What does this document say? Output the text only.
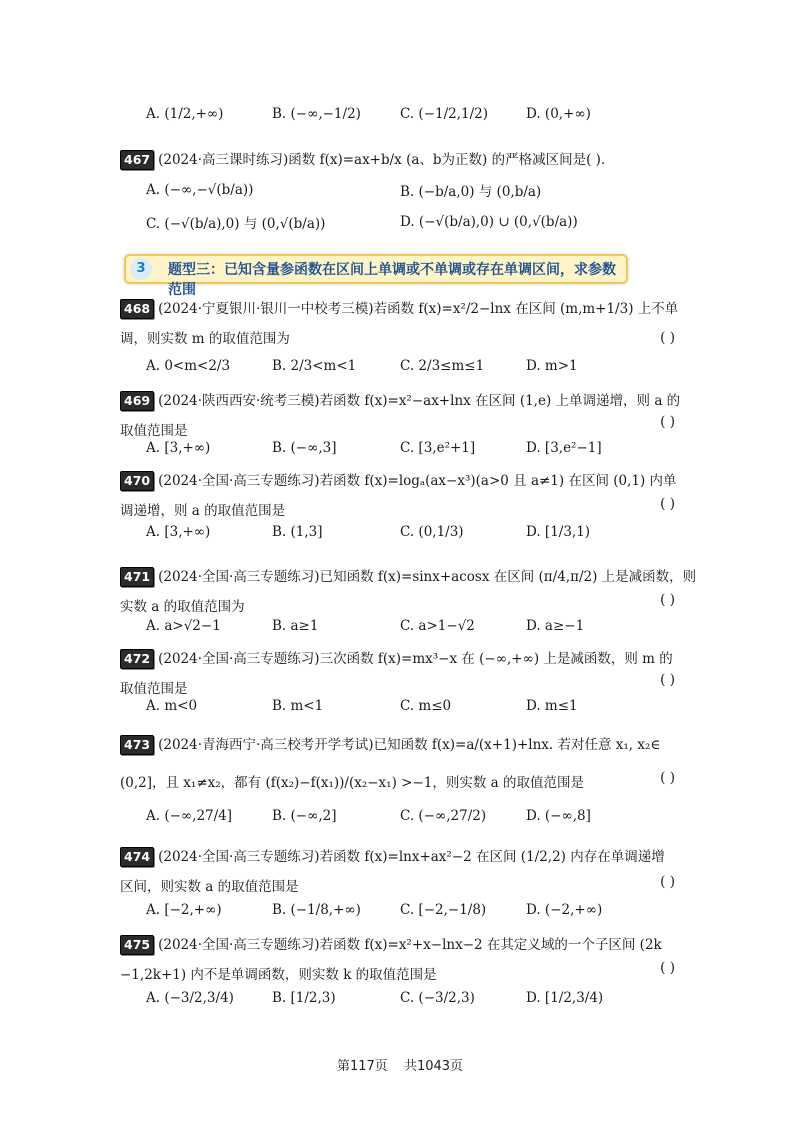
A. (1/2,+∞)	B. (−∞,−1/2)	C. (−1/2,1/2)	D. (0,+∞)
467 (2024·高三课时练习)函数 f(x)=ax+b/x (a、b为正数) 的严格减区间是( ).
A. (−∞,−√(b/a))	B. (−b/a,0) 与 (0,b/a)
C. (−√(b/a),0) 与 (0,√(b/a))	D. (−√(b/a),0) ∪ (0,√(b/a))
3	题型三：已知含量参函数在区间上单调或不单调或存在单调区间，求参数范围
468 (2024·宁夏银川·银川一中校考三模)若函数 f(x)=x²/2−lnx 在区间 (m,m+1/3) 上不单
调，则实数 m 的取值范围为	( )
A. 0<m<2/3	B. 2/3<m<1	C. 2/3≤m≤1	D. m>1
469 (2024·陕西西安·统考三模)若函数 f(x)=x²−ax+lnx 在区间 (1,e) 上单调递增，则 a 的
取值范围是
( )
A. [3,+∞)	B. (−∞,3]	C. [3,e²+1]	D. [3,e²−1]
470 (2024·全国·高三专题练习)若函数 f(x)=logₐ(ax−x³)(a>0 且 a≠1) 在区间 (0,1) 内单
调递增，则 a 的取值范围是	( )
A. [3,+∞)	B. (1,3]	C. (0,1/3)	D. [1/3,1)
471 (2024·全国·高三专题练习)已知函数 f(x)=sinx+acosx 在区间 (π/4,π/2) 上是减函数，则
实数 a 的取值范围为	( )
A. a>√2−1	B. a≥1	C. a>1−√2	D. a≥−1
472 (2024·全国·高三专题练习)三次函数 f(x)=mx³−x 在 (−∞,+∞) 上是减函数，则 m 的
取值范围是
( )
A. m<0	B. m<1	C. m≤0	D. m≤1
473 (2024·青海西宁·高三校考开学考试)已知函数 f(x)=a/(x+1)+lnx. 若对任意 x₁, x₂∈
(0,2]，且 x₁≠x₂，都有 (f(x₂)−f(x₁))/(x₂−x₁) >−1，则实数 a 的取值范围是	( )
A. (−∞,27/4]	B. (−∞,2]	C. (−∞,27/2)	D. (−∞,8]
474 (2024·全国·高三专题练习)若函数 f(x)=lnx+ax²−2 在区间 (1/2,2) 内存在单调递增
区间，则实数 a 的取值范围是	( )
A. [−2,+∞)	B. (−1/8,+∞)	C. [−2,−1/8)	D. (−2,+∞)
475 (2024·全国·高三专题练习)若函数 f(x)=x²+x−lnx−2 在其定义域的一个子区间 (2k
−1,2k+1) 内不是单调函数，则实数 k 的取值范围是	( )
A. (−3/2,3/4)	B. [1/2,3)	C. (−3/2,3)	D. [1/2,3/4)
第117页 共1043页
